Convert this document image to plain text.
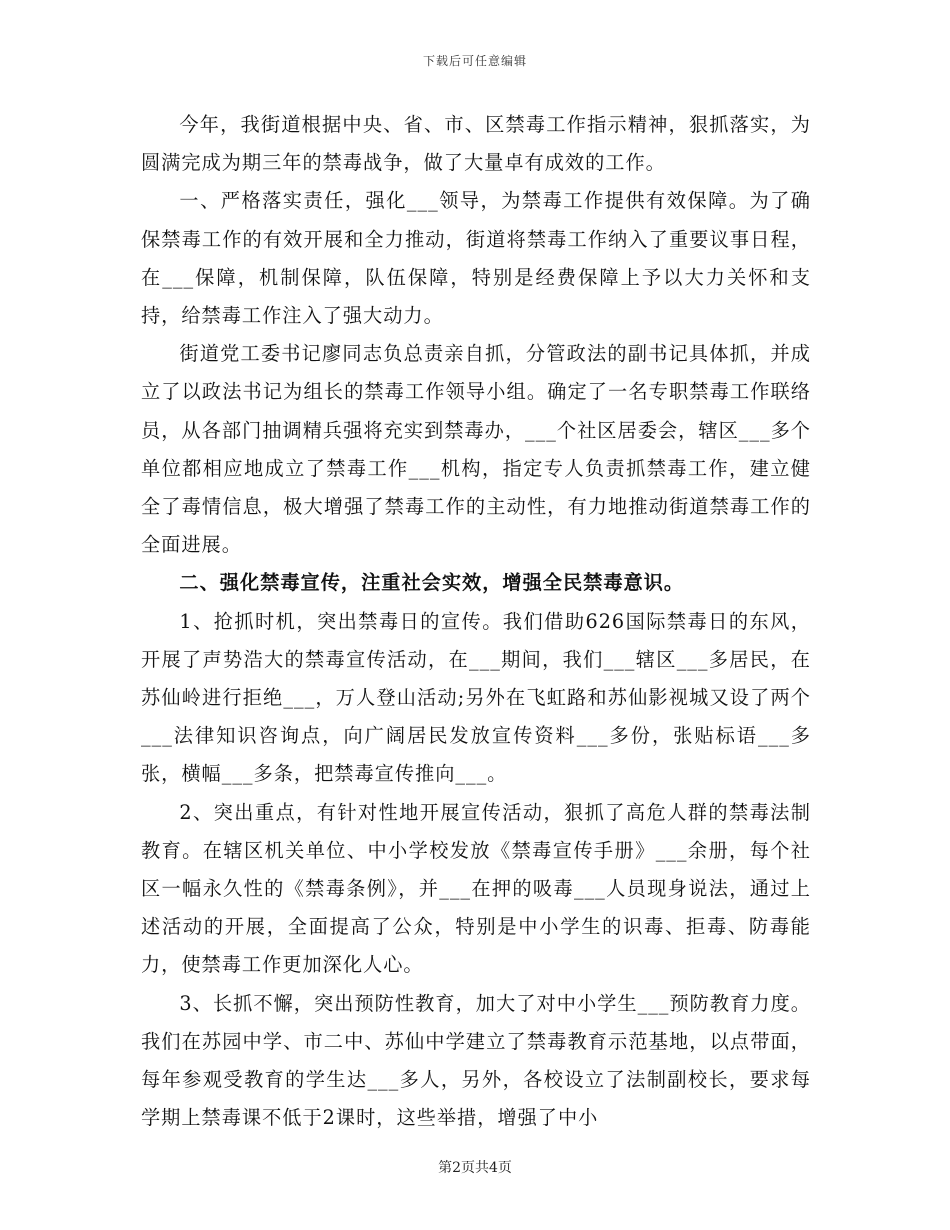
下载后可任意编辑

今年，我街道根据中央、省、市、区禁毒工作指示精神，狠抓落实，为圆满完成为期三年的禁毒战争，做了大量卓有成效的工作。

一、严格落实责任，强化___领导，为禁毒工作提供有效保障。为了确保禁毒工作的有效开展和全力推动，街道将禁毒工作纳入了重要议事日程，在___保障，机制保障，队伍保障，特别是经费保障上予以大力关怀和支持，给禁毒工作注入了强大动力。

街道党工委书记廖同志负总责亲自抓，分管政法的副书记具体抓，并成立了以政法书记为组长的禁毒工作领导小组。确定了一名专职禁毒工作联络员，从各部门抽调精兵强将充实到禁毒办，___个社区居委会，辖区___多个单位都相应地成立了禁毒工作___机构，指定专人负责抓禁毒工作，建立健全了毒情信息，极大增强了禁毒工作的主动性，有力地推动街道禁毒工作的全面进展。

二、强化禁毒宣传，注重社会实效，增强全民禁毒意识。

1、抢抓时机，突出禁毒日的宣传。我们借助626国际禁毒日的东风，开展了声势浩大的禁毒宣传活动，在___期间，我们___辖区___多居民，在苏仙岭进行拒绝___，万人登山活动;另外在飞虹路和苏仙影视城又设了两个___法律知识咨询点，向广阔居民发放宣传资料___多份，张贴标语___多张，横幅___多条，把禁毒宣传推向___。

2、突出重点，有针对性地开展宣传活动，狠抓了高危人群的禁毒法制教育。在辖区机关单位、中小学校发放《禁毒宣传手册》___余册，每个社区一幅永久性的《禁毒条例》，并___在押的吸毒___人员现身说法，通过上述活动的开展，全面提高了公众，特别是中小学生的识毒、拒毒、防毒能力，使禁毒工作更加深化人心。

3、长抓不懈，突出预防性教育，加大了对中小学生___预防教育力度。我们在苏园中学、市二中、苏仙中学建立了禁毒教育示范基地，以点带面，每年参观受教育的学生达___多人，另外，各校设立了法制副校长，要求每学期上禁毒课不低于2课时，这些举措，增强了中小

第2页共4页
